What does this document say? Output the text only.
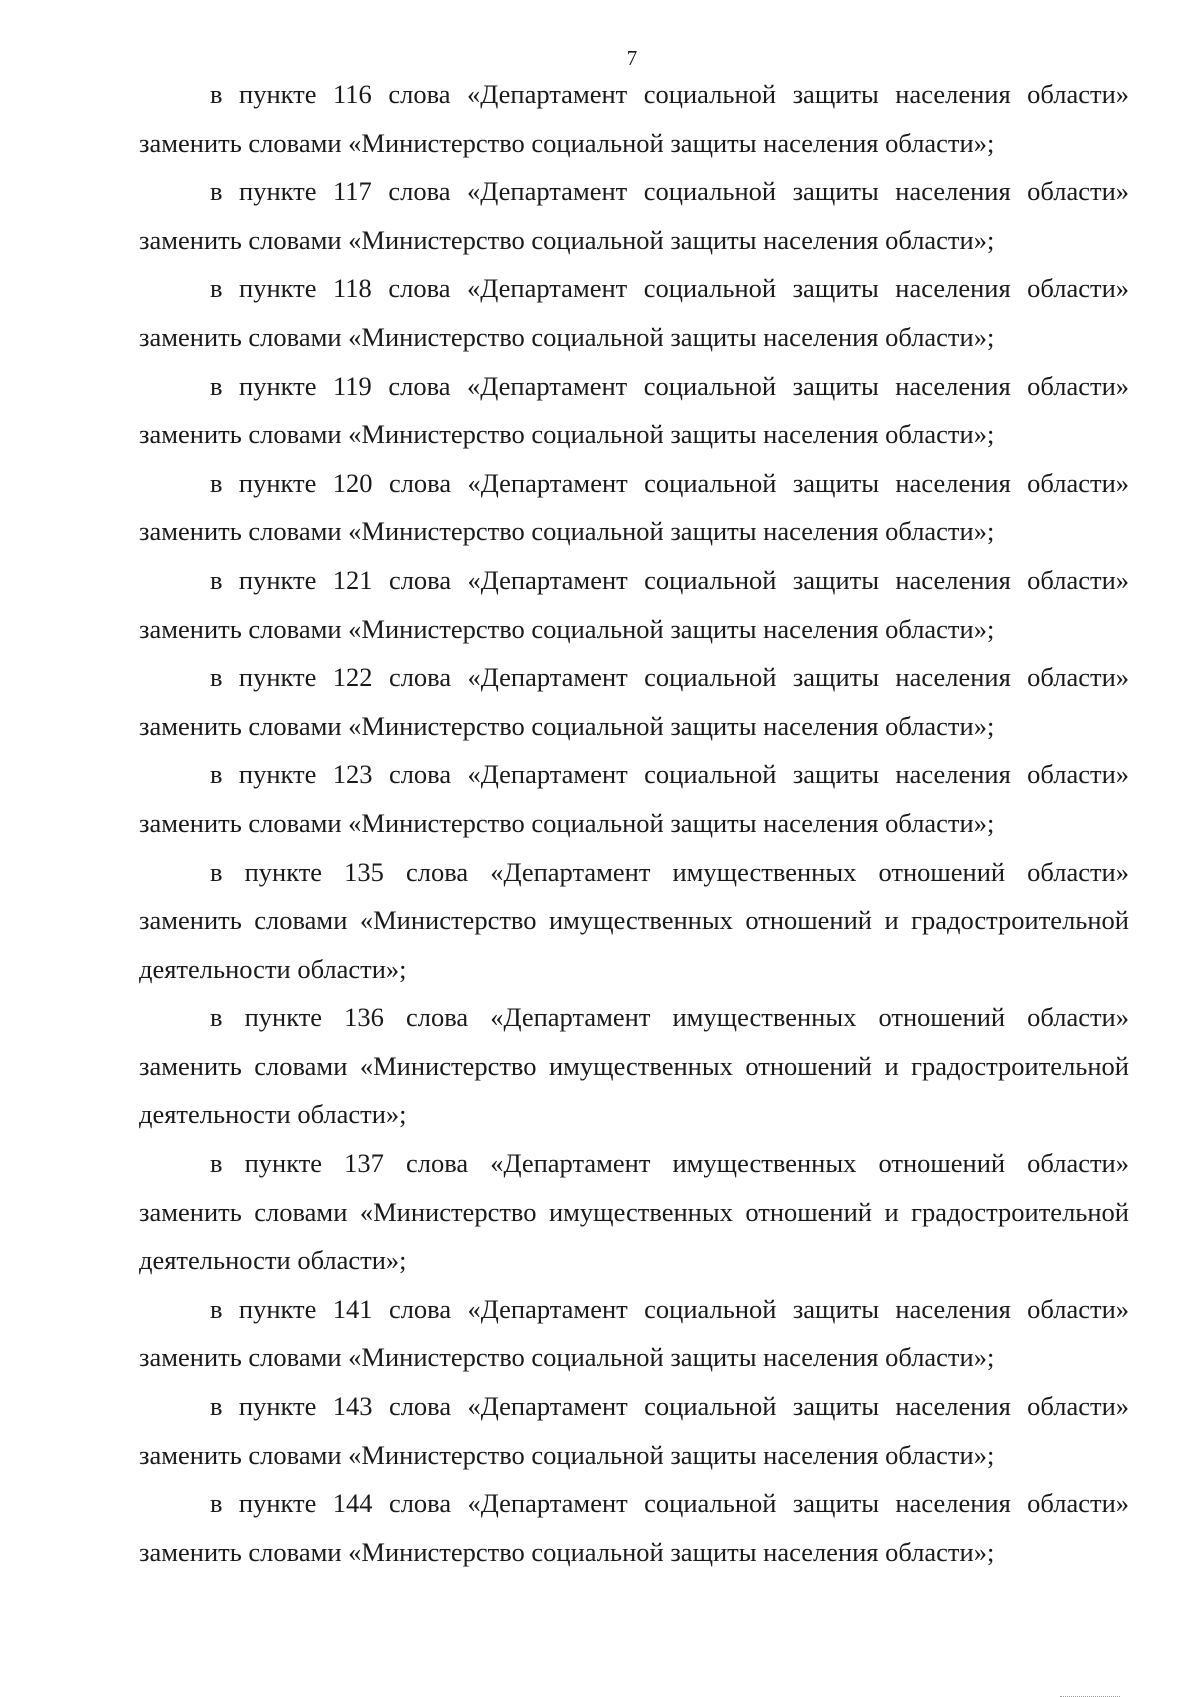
7

в пункте 116 слова «Департамент социальной защиты населения области» заменить словами «Министерство социальной защиты населения области»;

в пункте 117 слова «Департамент социальной защиты населения области» заменить словами «Министерство социальной защиты населения области»;

в пункте 118 слова «Департамент социальной защиты населения области» заменить словами «Министерство социальной защиты населения области»;

в пункте 119 слова «Департамент социальной защиты населения области» заменить словами «Министерство социальной защиты населения области»;

в пункте 120 слова «Департамент социальной защиты населения области» заменить словами «Министерство социальной защиты населения области»;

в пункте 121 слова «Департамент социальной защиты населения области» заменить словами «Министерство социальной защиты населения области»;

в пункте 122 слова «Департамент социальной защиты населения области» заменить словами «Министерство социальной защиты населения области»;

в пункте 123 слова «Департамент социальной защиты населения области» заменить словами «Министерство социальной защиты населения области»;

в пункте 135 слова «Департамент имущественных отношений области» заменить словами «Министерство имущественных отношений и градостроительной деятельности области»;

в пункте 136 слова «Департамент имущественных отношений области» заменить словами «Министерство имущественных отношений и градостроительной деятельности области»;

в пункте 137 слова «Департамент имущественных отношений области» заменить словами «Министерство имущественных отношений и градостроительной деятельности области»;

в пункте 141 слова «Департамент социальной защиты населения области» заменить словами «Министерство социальной защиты населения области»;

в пункте 143 слова «Департамент социальной защиты населения области» заменить словами «Министерство социальной защиты населения области»;

в пункте 144 слова «Департамент социальной защиты населения области» заменить словами «Министерство социальной защиты населения области»;
